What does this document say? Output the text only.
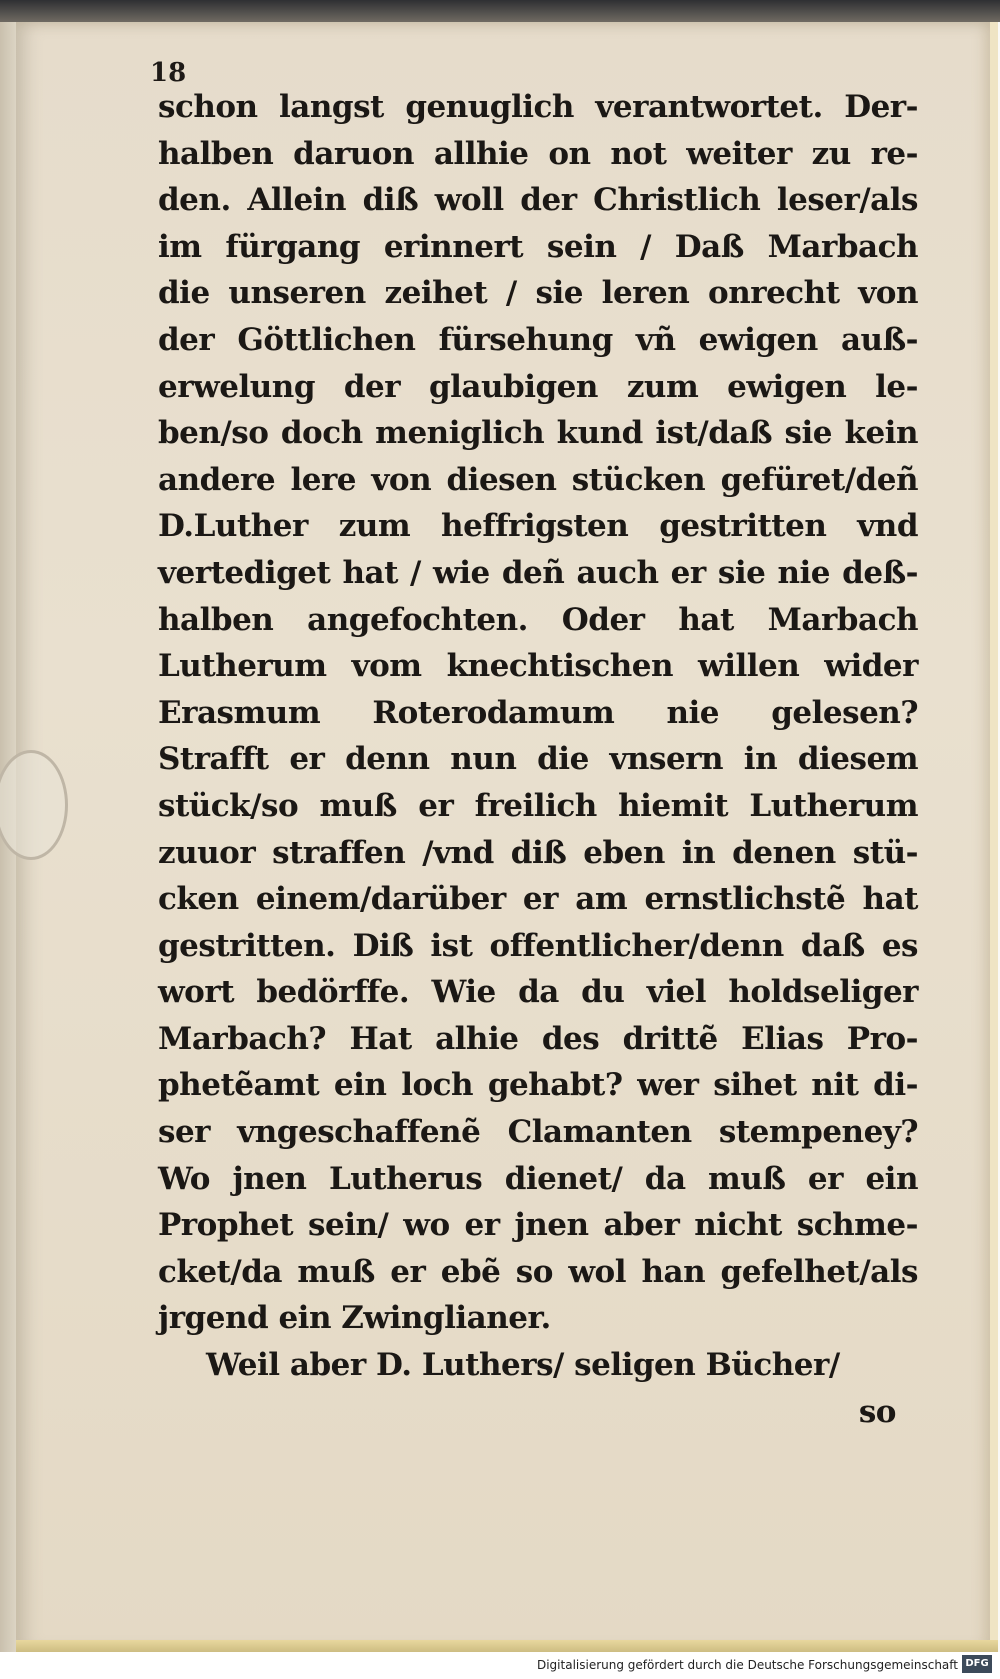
18
schon langst genuglich verantwortet. Der-
halben daruon allhie on not weiter zu re-
den. Allein diß woll der Christlich leser/als
im fürgang erinnert sein / Daß Marbach
die unseren zeihet / sie leren onrecht von
der Göttlichen fürsehung vñ ewigen auß-
erwelung der glaubigen zum ewigen le-
ben/so doch meniglich kund ist/daß sie kein
andere lere von diesen stücken gefüret/deñ
D.Luther zum heffrigsten gestritten vnd
vertediget hat / wie deñ auch er sie nie deß-
halben angefochten. Oder hat Marbach
Lutherum vom knechtischen willen wider
Erasmum Roterodamum nie gelesen?
Strafft er denn nun die vnsern in diesem
stück/so muß er freilich hiemit Lutherum
zuuor straffen /vnd diß eben in denen stü-
cken einem/darüber er am ernstlichstẽ hat
gestritten. Diß ist offentlicher/denn daß es
wort bedörffe. Wie da du viel holdseliger
Marbach? Hat alhie des drittẽ Elias Pro-
phetẽamt ein loch gehabt? wer sihet nit di-
ser vngeschaffenẽ Clamanten stempeney?
Wo jnen Lutherus dienet/ da muß er ein
Prophet sein/ wo er jnen aber nicht schme-
cket/da muß er ebẽ so wol han gefelhet/als
jrgend ein Zwinglianer.
Weil aber D. Luthers/ seligen Bücher/
so
Digitalisierung gefördert durch die Deutsche Forschungsgemeinschaft DFG
